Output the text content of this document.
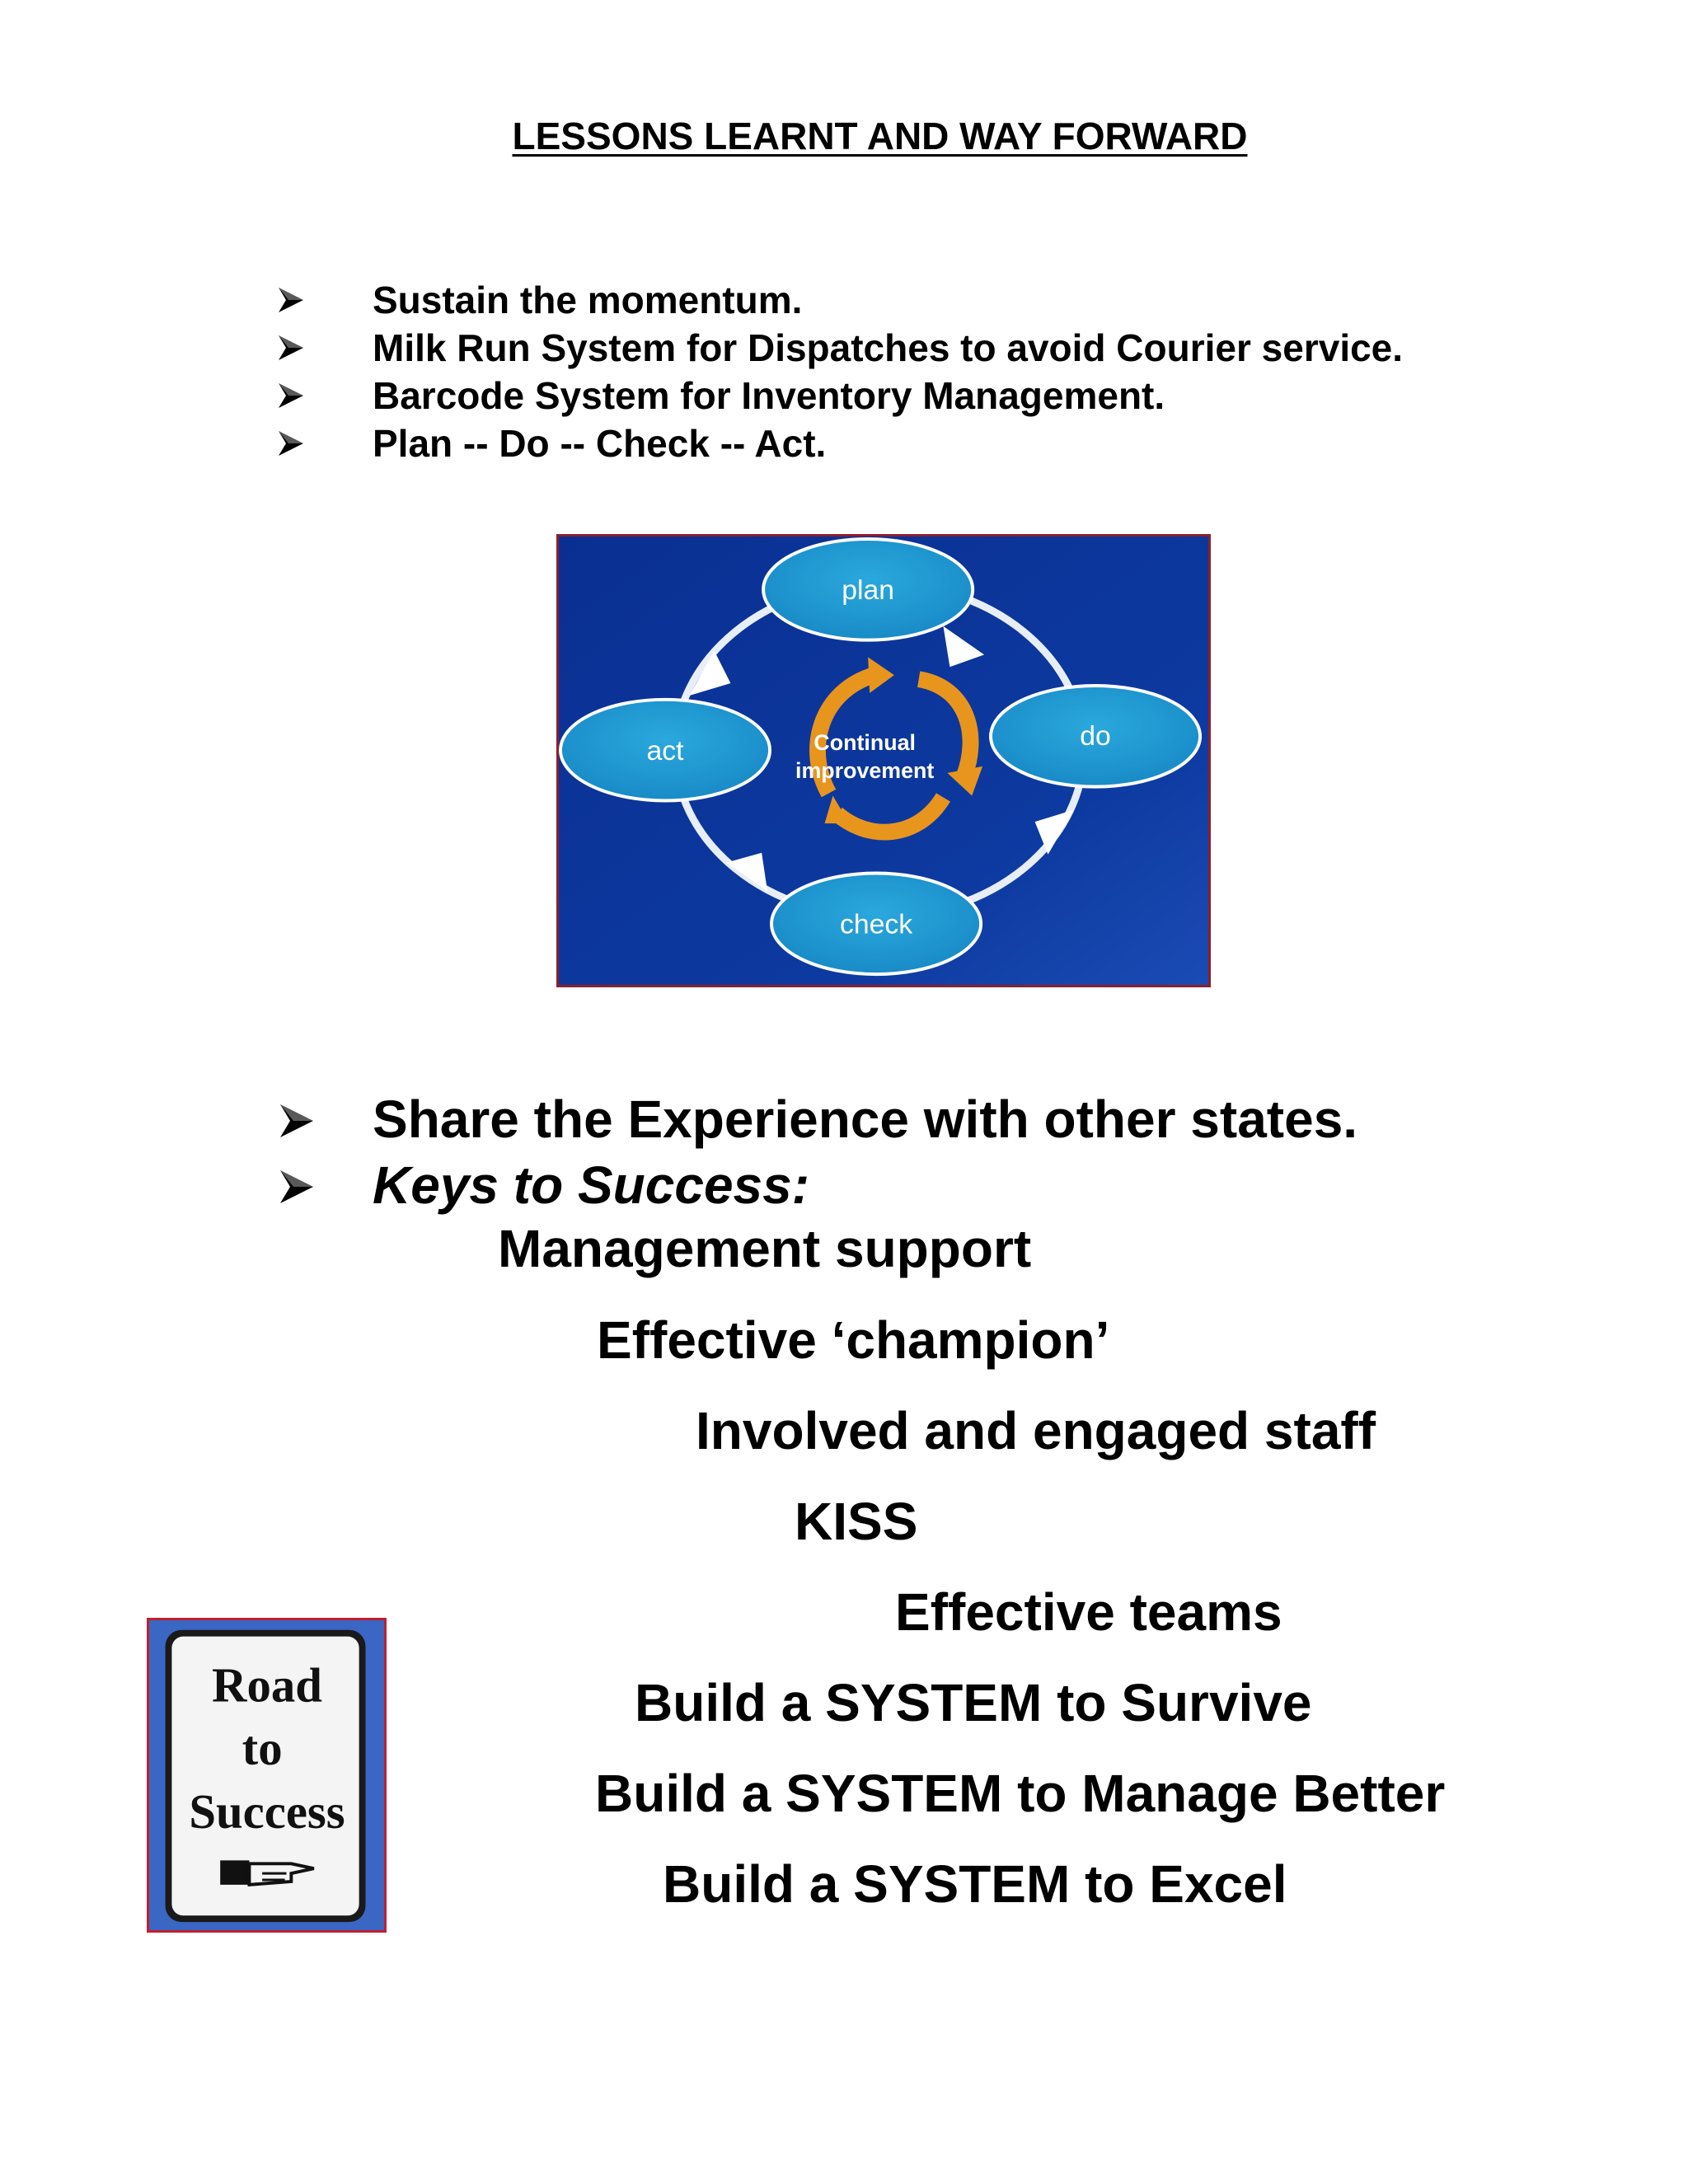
LESSONS LEARNT AND WAY FORWARD
Sustain the momentum.
Milk Run System for Dispatches to avoid Courier service.
Barcode System for Inventory Management.
Plan -- Do -- Check -- Act.
Continual
improvement
plan
do
check
act
Share the Experience with other states.
Keys to Success:
Management support
Effective ‘champion’
Involved and engaged staff
KISS
Effective teams
Build a SYSTEM to Survive
Build a SYSTEM to Manage Better
Build a SYSTEM to Excel
Road
to
Success
